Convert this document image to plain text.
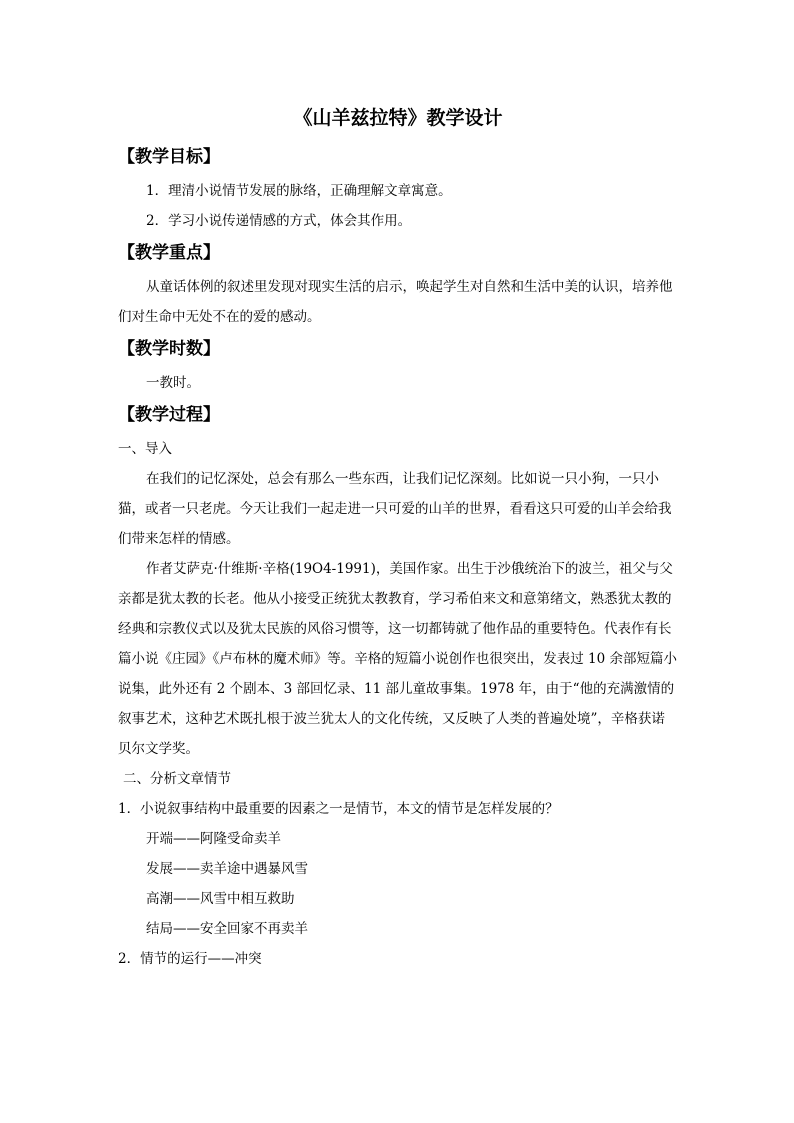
《山羊兹拉特》教学设计
【教学目标】
1．理清小说情节发展的脉络，正确理解文章寓意。
2．学习小说传递情感的方式，体会其作用。
【教学重点】
从童话体例的叙述里发现对现实生活的启示，唤起学生对自然和生活中美的认识，培养他们对生命中无处不在的爱的感动。
【教学时数】
一教时。
【教学过程】
一、导入
在我们的记忆深处，总会有那么一些东西，让我们记忆深刻。比如说一只小狗，一只小猫，或者一只老虎。今天让我们一起走进一只可爱的山羊的世界，看看这只可爱的山羊会给我们带来怎样的情感。
作者艾萨克·什维斯·辛格(19O4-1991)，美国作家。出生于沙俄统治下的波兰，祖父与父亲都是犹太教的长老。他从小接受正统犹太教教育，学习希伯来文和意第绪文，熟悉犹太教的经典和宗教仪式以及犹太民族的风俗习惯等，这一切都铸就了他作品的重要特色。代表作有长篇小说《庄园》《卢布林的魔术师》等。辛格的短篇小说创作也很突出，发表过 10 余部短篇小说集，此外还有 2 个剧本、3 部回忆录、11 部儿童故事集。1978 年，由于“他的充满激情的叙事艺术，这种艺术既扎根于波兰犹太人的文化传统，又反映了人类的普遍处境”，辛格获诺贝尔文学奖。
二、分析文章情节
1．小说叙事结构中最重要的因素之一是情节，本文的情节是怎样发展的？
开端——阿隆受命卖羊
发展——卖羊途中遇暴风雪
高潮——风雪中相互救助
结局——安全回家不再卖羊
2．情节的运行——冲突
